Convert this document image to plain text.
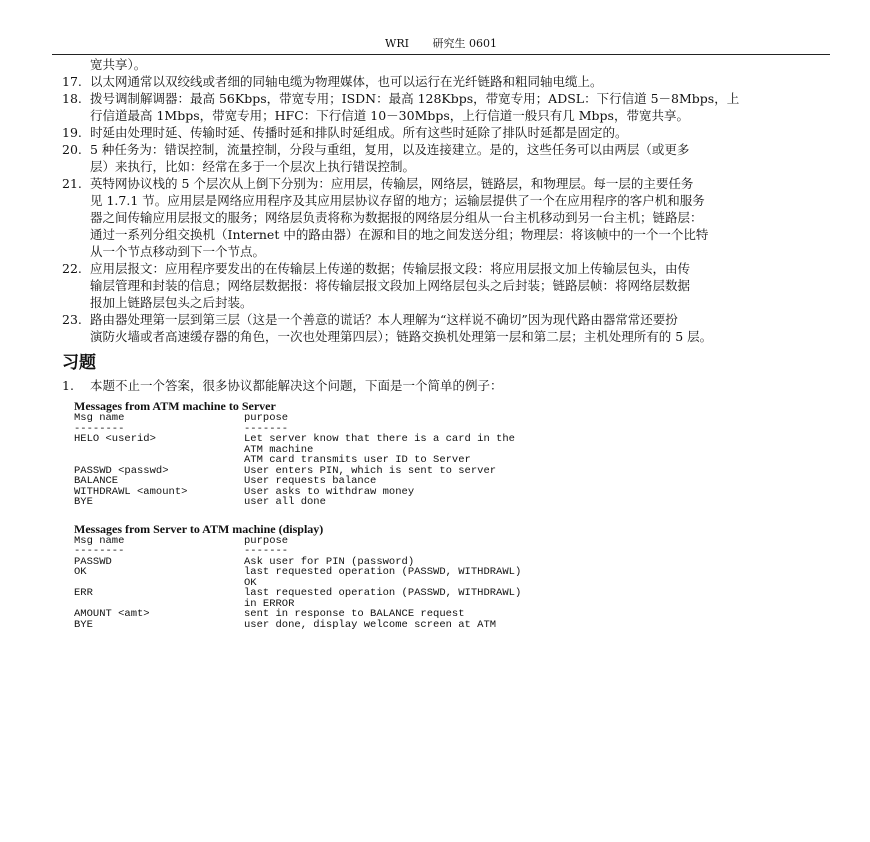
WRI 研究生 0601
宽共享）。
17. 以太网通常以双绞线或者细的同轴电缆为物理媒体，也可以运行在光纤链路和粗同轴电缆上。
18. 拨号调制解调器：最高 56Kbps，带宽专用；ISDN：最高 128Kbps，带宽专用；ADSL：下行信道 5－8Mbps，上
行信道最高 1Mbps，带宽专用；HFC：下行信道 10－30Mbps，上行信道一般只有几 Mbps，带宽共享。
19. 时延由处理时延、传输时延、传播时延和排队时延组成。所有这些时延除了排队时延都是固定的。
20. 5 种任务为：错误控制，流量控制，分段与重组，复用，以及连接建立。是的，这些任务可以由两层（或更多
层）来执行，比如：经常在多于一个层次上执行错误控制。
21. 英特网协议栈的 5 个层次从上倒下分别为：应用层，传输层，网络层，链路层，和物理层。每一层的主要任务
见 1.7.1 节。应用层是网络应用程序及其应用层协议存留的地方；运输层提供了一个在应用程序的客户机和服务
器之间传输应用层报文的服务；网络层负责将称为数据报的网络层分组从一台主机移动到另一台主机；链路层：
通过一系列分组交换机（Internet 中的路由器）在源和目的地之间发送分组；物理层：将该帧中的一个一个比特
从一个节点移动到下一个节点。
22. 应用层报文：应用程序要发出的在传输层上传递的数据；传输层报文段：将应用层报文加上传输层包头，由传
输层管理和封装的信息；网络层数据报：将传输层报文段加上网络层包头之后封装；链路层帧：将网络层数据
报加上链路层包头之后封装。
23. 路由器处理第一层到第三层（这是一个善意的谎话？本人理解为“这样说不确切”因为现代路由器常常还要扮
演防火墙或者高速缓存器的角色，一次也处理第四层）；链路交换机处理第一层和第二层；主机处理所有的 5 层。
习题
1. 本题不止一个答案，很多协议都能解决这个问题，下面是一个简单的例子：
Messages from ATM machine to Server
Msg name	purpose
--------	-------
HELO <userid>	Let server know that there is a card in the
ATM machine
ATM card transmits user ID to Server
PASSWD <passwd>	User enters PIN, which is sent to server
BALANCE	User requests balance
WITHDRAWL <amount>	User asks to withdraw money
BYE	user all done
Messages from Server to ATM machine (display)
Msg name	purpose
--------	-------
PASSWD	Ask user for PIN (password)
OK	last requested operation (PASSWD, WITHDRAWL)
OK
ERR	last requested operation (PASSWD, WITHDRAWL)
in ERROR
AMOUNT <amt>	sent in response to BALANCE request
BYE	user done, display welcome screen at ATM
